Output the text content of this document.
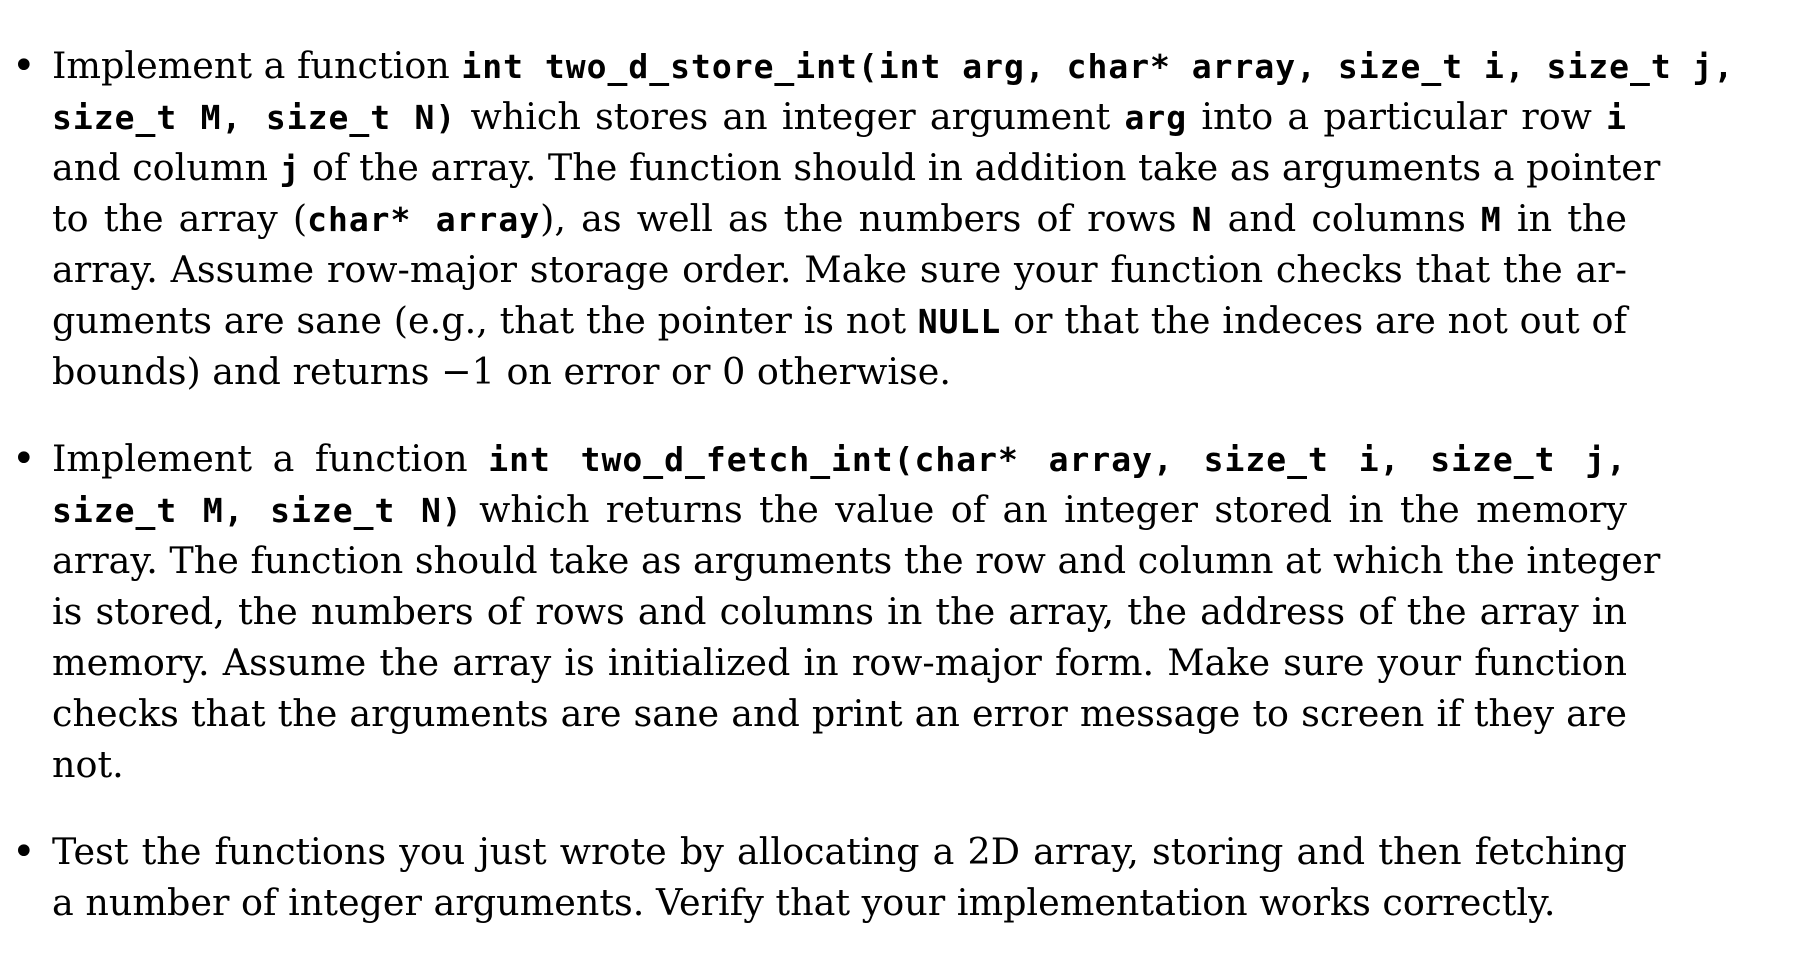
• Implement a function int two_d_store_int(int arg, char* array, size_t i, size_t j,
size_t M, size_t N) which stores an integer argument arg into a particular row i
and column j of the array. The function should in addition take as arguments a pointer
to the array (char* array), as well as the numbers of rows N and columns M in the
array. Assume row-major storage order. Make sure your function checks that the ar-
guments are sane (e.g., that the pointer is not NULL or that the indeces are not out of
bounds) and returns −1 on error or 0 otherwise.
• Implement a function int two_d_fetch_int(char* array, size_t i, size_t j,
size_t M, size_t N) which returns the value of an integer stored in the memory
array. The function should take as arguments the row and column at which the integer
is stored, the numbers of rows and columns in the array, the address of the array in
memory. Assume the array is initialized in row-major form. Make sure your function
checks that the arguments are sane and print an error message to screen if they are
not.
• Test the functions you just wrote by allocating a 2D array, storing and then fetching
a number of integer arguments. Verify that your implementation works correctly.
